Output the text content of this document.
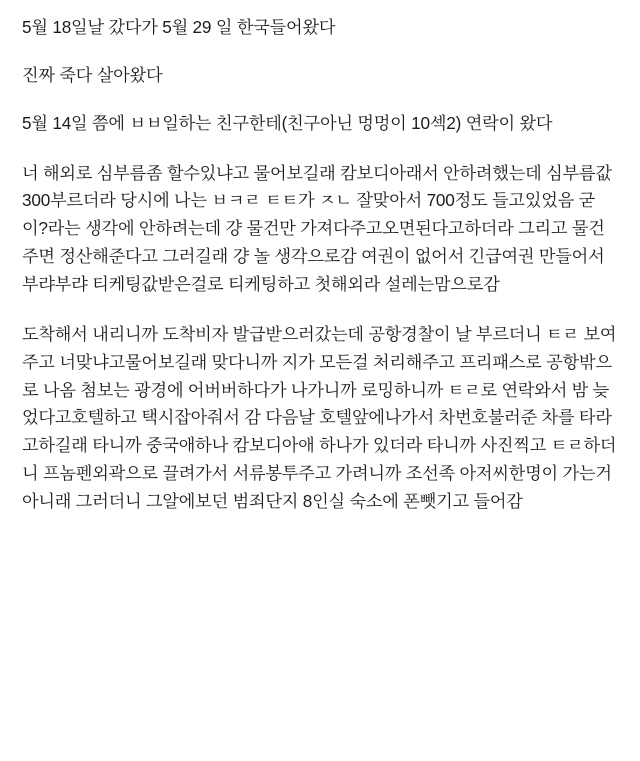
5월 18일날 갔다가 5월 29 일 한국들어왔다

진짜 죽다 살아왔다

5월 14일 쯤에 ㅂㅂ일하는 친구한테(친구아닌 멍멍이 10섹2) 연락이 왔다

너 해외로 심부름좀 할수있냐고 물어보길래 캄보디아래서 안하려했는데 심부름값 300부르더라 당시에 나는 ㅂㅋㄹ ㅌㅌ가 ㅈㄴ 잘맞아서 700정도 들고있었음 굳이?라는 생각에 안하려는데 걍 물건만 가져다주고오면된다고하더라 그리고 물건주면 정산해준다고 그러길래 걍 놀 생각으로감 여권이 없어서 긴급여권 만들어서 부랴부랴 티케팅값받은걸로 티케팅하고 첫해외라 설레는맘으로감

도착해서 내리니까 도착비자 발급받으러갔는데 공항경찰이 날 부르더니 ㅌㄹ 보여주고 너맞냐고물어보길래 맞다니까 지가 모든걸 처리해주고 프리패스로 공항밖으로 나옴 첨보는 광경에 어버버하다가 나가니까 로밍하니까 ㅌㄹ로 연락와서 밤 늦었다고호텔하고 택시잡아줘서 감 다음날 호텔앞에나가서 차번호불러준 차를 타라고하길래 타니까 중국애하나 캄보디아애 하나가 있더라 타니까 사진찍고 ㅌㄹ하더니 프놈펜외곽으로 끌려가서 서류봉투주고 가려니까 조선족 아저씨한명이 가는거아니래 그러더니 그알에보던 범죄단지 8인실 숙소에 폰뺏기고 들어감
